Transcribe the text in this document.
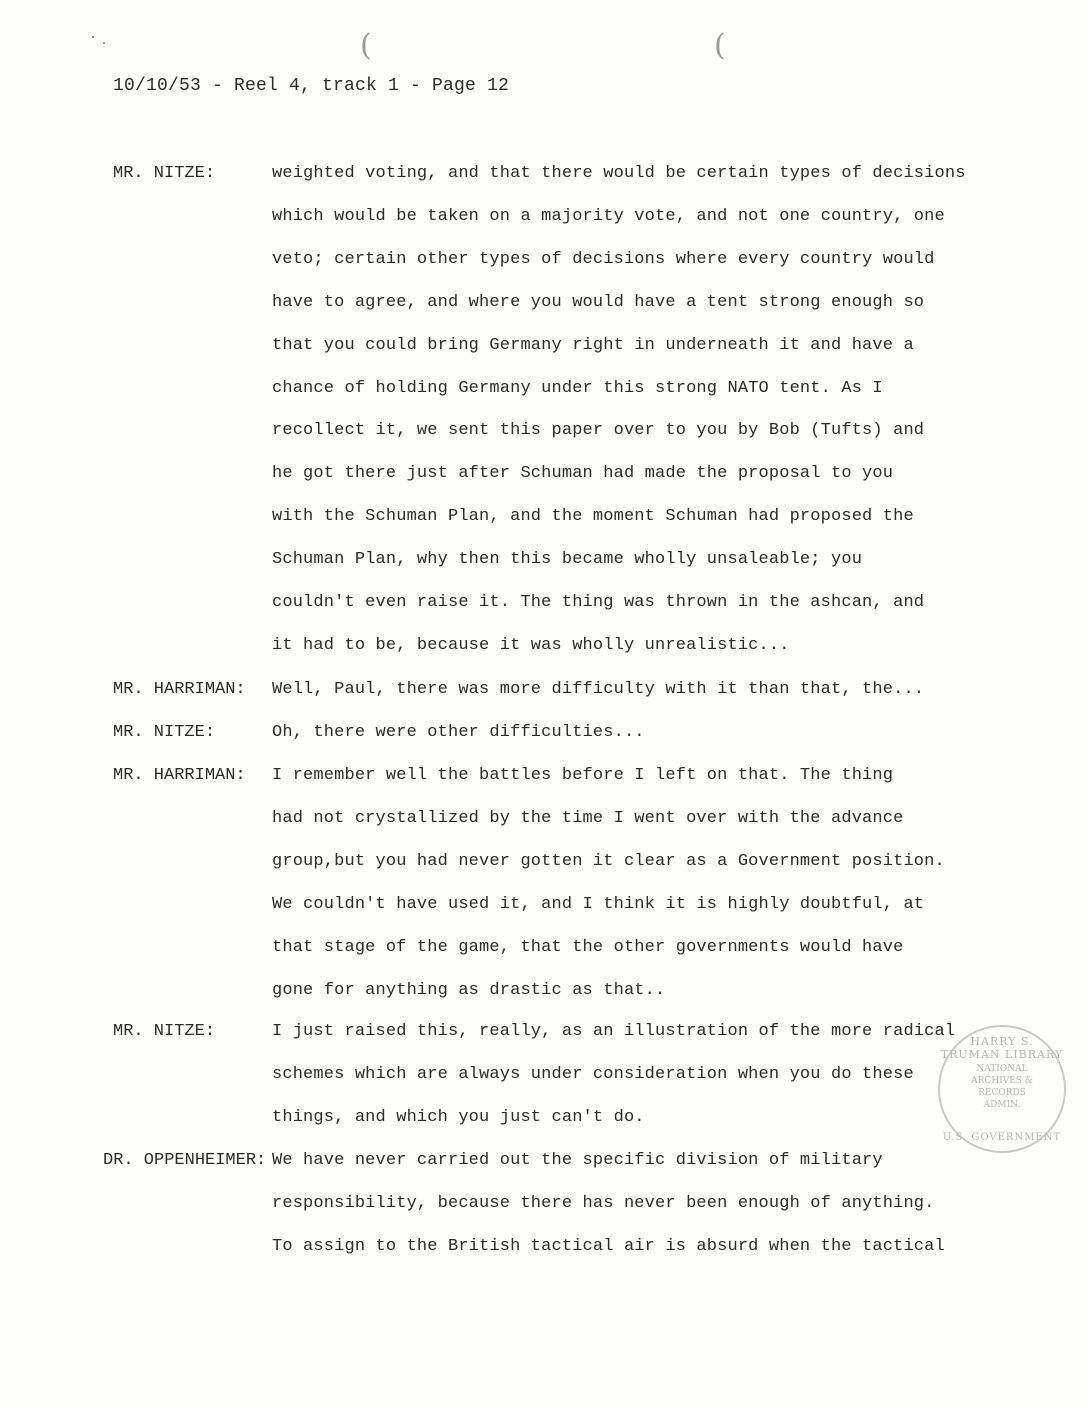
(	(
10/10/53 - Reel 4, track 1 - Page 12
MR. NITZE:	weighted voting, and that there would be certain types of decisions
which would be taken on a majority vote, and not one country, one
veto; certain other types of decisions where every country would
have to agree, and where you would have a tent strong enough so
that you could bring Germany right in underneath it and have a
chance of holding Germany under this strong NATO tent. As I
recollect it, we sent this paper over to you by Bob (Tufts) and
he got there just after Schuman had made the proposal to you
with the Schuman Plan, and the moment Schuman had proposed the
Schuman Plan, why then this became wholly unsaleable; you
couldn't even raise it. The thing was thrown in the ashcan, and
it had to be, because it was wholly unrealistic...
MR. HARRIMAN: Well, Paul, there was more difficulty with it than that, the...
MR. NITZE:	Oh, there were other difficulties...
MR. HARRIMAN: I remember well the battles before I left on that. The thing
had not crystallized by the time I went over with the advance
group,but you had never gotten it clear as a Government position.
We couldn't have used it, and I think it is highly doubtful, at
that stage of the game, that the other governments would have
gone for anything as drastic as that..
MR. NITZE:	I just raised this, really, as an illustration of the more radical
schemes which are always under consideration when you do these
things, and which you just can't do.
DR. OPPENHEIMER: We have never carried out the specific division of military
responsibility, because there has never been enough of anything.
To assign to the British tactical air is absurd when the tactical
HARRY S. TRUMAN LIBRARY
NATIONAL
ARCHIVES &
RECORDS
ADMIN.
U.S. GOVERNMENT
